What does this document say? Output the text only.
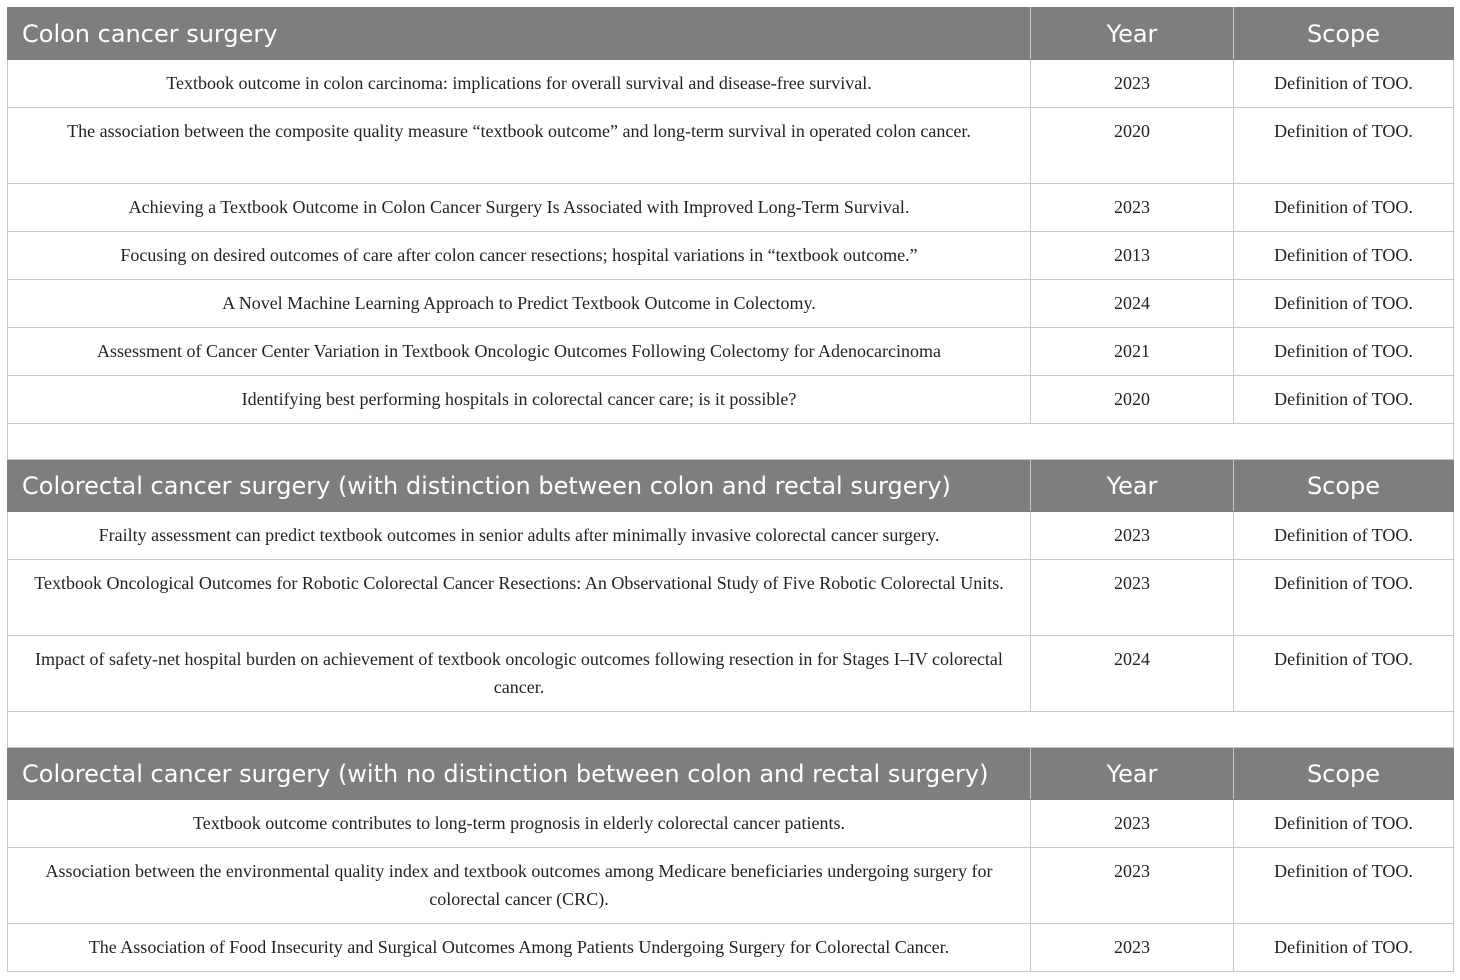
Colon cancer surgery	Year	Scope
Textbook outcome in colon carcinoma: implications for overall survival and disease-free survival.	2023	Definition of TOO.
The association between the composite quality measure “textbook outcome” and long-term survival in operated colon cancer.	2020	Definition of TOO.
Achieving a Textbook Outcome in Colon Cancer Surgery Is Associated with Improved Long-Term Survival.	2023	Definition of TOO.
Focusing on desired outcomes of care after colon cancer resections; hospital variations in “textbook outcome.”	2013	Definition of TOO.
A Novel Machine Learning Approach to Predict Textbook Outcome in Colectomy.	2024	Definition of TOO.
Assessment of Cancer Center Variation in Textbook Oncologic Outcomes Following Colectomy for Adenocarcinoma	2021	Definition of TOO.
Identifying best performing hospitals in colorectal cancer care; is it possible?	2020	Definition of TOO.

Colorectal cancer surgery (with distinction between colon and rectal surgery)	Year	Scope
Frailty assessment can predict textbook outcomes in senior adults after minimally invasive colorectal cancer surgery.	2023	Definition of TOO.
Textbook Oncological Outcomes for Robotic Colorectal Cancer Resections: An Observational Study of Five Robotic Colorectal Units.	2023	Definition of TOO.
Impact of safety-net hospital burden on achievement of textbook oncologic outcomes following resection in for Stages I–IV colorectal cancer.	2024	Definition of TOO.

Colorectal cancer surgery (with no distinction between colon and rectal surgery)	Year	Scope
Textbook outcome contributes to long-term prognosis in elderly colorectal cancer patients.	2023	Definition of TOO.
Association between the environmental quality index and textbook outcomes among Medicare beneficiaries undergoing surgery for colorectal cancer (CRC).	2023	Definition of TOO.
The Association of Food Insecurity and Surgical Outcomes Among Patients Undergoing Surgery for Colorectal Cancer.	2023	Definition of TOO.
